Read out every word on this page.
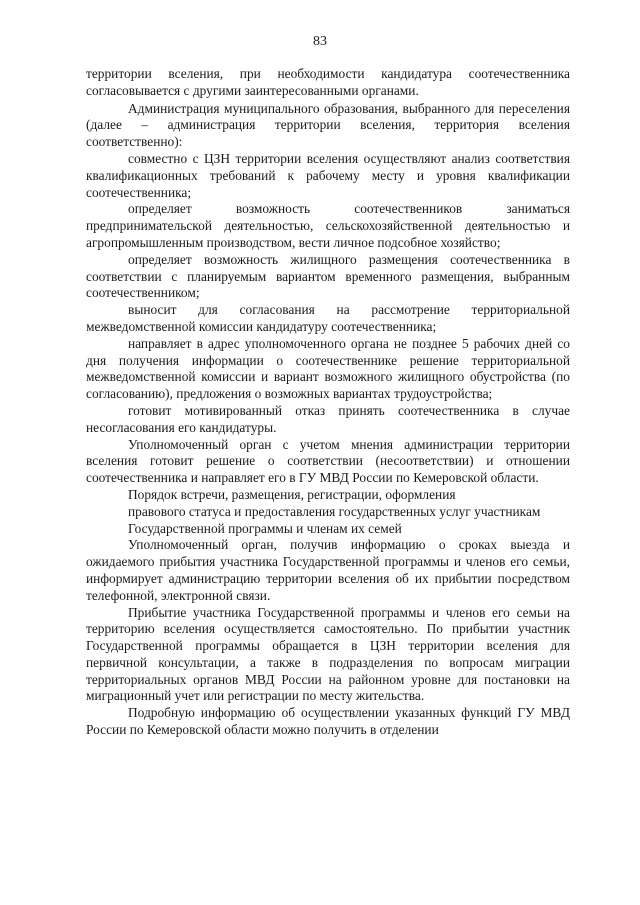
83

территории вселения, при необходимости кандидатура соотечественника согласовывается с другими заинтересованными органами.

Администрация муниципального образования, выбранного для переселения (далее – администрация территории вселения, территория вселения соответственно):

совместно с ЦЗН территории вселения осуществляют анализ соответствия квалификационных требований к рабочему месту и уровня квалификации соотечественника;

определяет возможность соотечественников заниматься предпринимательской деятельностью, сельскохозяйственной деятельностью и агропромышленным производством, вести личное подсобное хозяйство;

определяет возможность жилищного размещения соотечественника в соответствии с планируемым вариантом временного размещения, выбранным соотечественником;

выносит для согласования на рассмотрение территориальной межведомственной комиссии кандидатуру соотечественника;

направляет в адрес уполномоченного органа не позднее 5 рабочих дней со дня получения информации о соотечественнике решение территориальной межведомственной комиссии и вариант возможного жилищного обустройства (по согласованию), предложения о возможных вариантах трудоустройства;

готовит мотивированный отказ принять соотечественника в случае несогласования его кандидатуры.

Уполномоченный орган с учетом мнения администрации территории вселения готовит решение о соответствии (несоответствии) и отношении соотечественника и направляет его в ГУ МВД России по Кемеровской области.

Порядок встречи, размещения, регистрации, оформления
правового статуса и предоставления государственных услуг участникам
Государственной программы и членам их семей

Уполномоченный орган, получив информацию о сроках выезда и ожидаемого прибытия участника Государственной программы и членов его семьи, информирует администрацию территории вселения об их прибытии посредством телефонной, электронной связи.

Прибытие участника Государственной программы и членов его семьи на территорию вселения осуществляется самостоятельно. По прибытии участник Государственной программы обращается в ЦЗН территории вселения для первичной консультации, а также в подразделения по вопросам миграции территориальных органов МВД России на районном уровне для постановки на миграционный учет или регистрации по месту жительства.

Подробную информацию об осуществлении указанных функций ГУ МВД России по Кемеровской области можно получить в отделении
